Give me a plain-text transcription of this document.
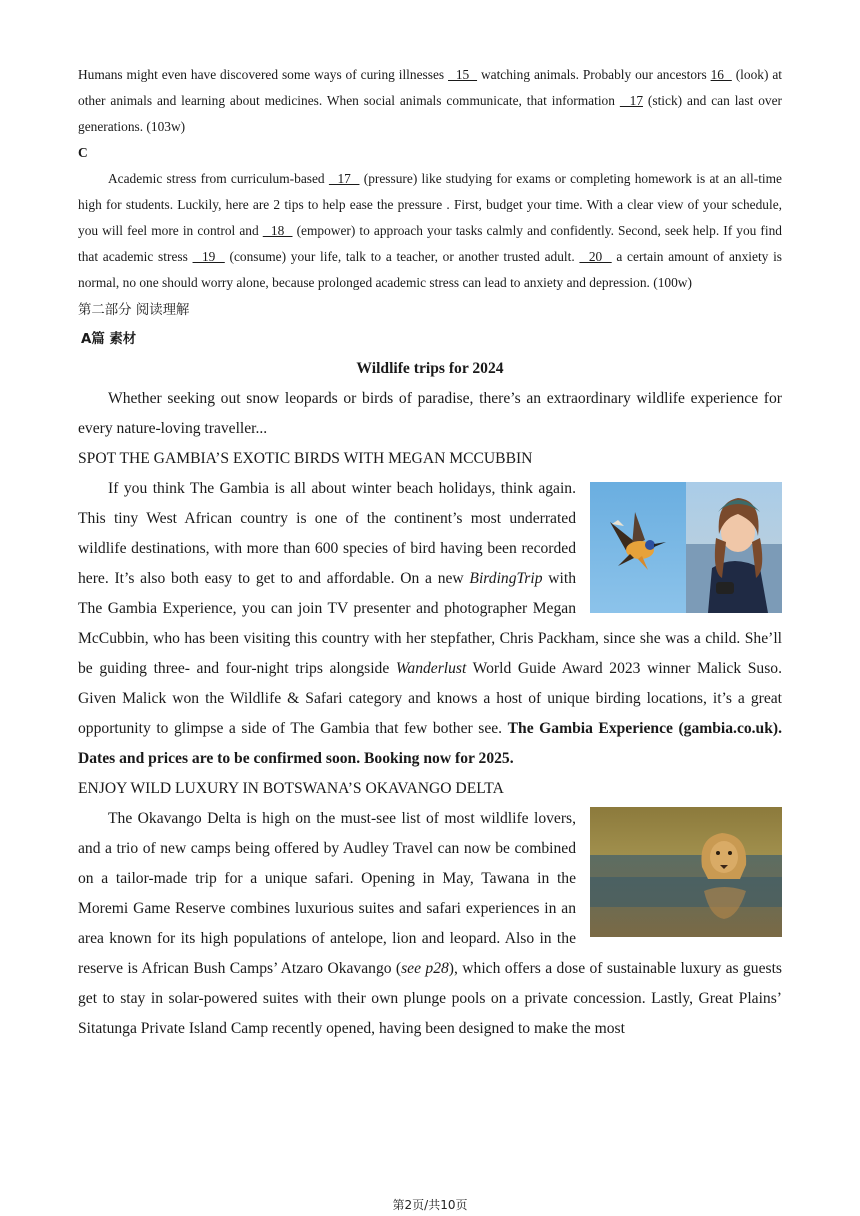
Humans might even have discovered some ways of curing illnesses   15   watching animals. Probably our ancestors 16   (look) at other animals and learning about medicines. When social animals communicate, that information   17 (stick) and can last over generations. (103w)

C

Academic stress from curriculum-based   17   (pressure) like studying for exams or completing homework is at an all-time high for students. Luckily, here are 2 tips to help ease the pressure . First, budget your time. With a clear view of your schedule, you will feel more in control and   18   (empower) to approach your tasks calmly and confidently. Second, seek help. If you find that academic stress   19   (consume) your life, talk to a teacher, or another trusted adult.   20   a certain amount of anxiety is normal, no one should worry alone, because prolonged academic stress can lead to anxiety and depression. (100w)

第二部分 阅读理解

A篇 素材

Wildlife trips for 2024

Whether seeking out snow leopards or birds of paradise, there’s an extraordinary wildlife experience for every nature-loving traveller...

SPOT THE GAMBIA’S EXOTIC BIRDS WITH MEGAN MCCUBBIN

If you think The Gambia is all about winter beach holidays, think again. This tiny West African country is one of the continent’s most underrated wildlife destinations, with more than 600 species of bird having been recorded here. It’s also both easy to get to and affordable. On a new BirdingTrip with The Gambia Experience, you can join TV presenter and photographer Megan McCubbin, who has been visiting this country with her stepfather, Chris Packham, since she was a child. She’ll be guiding three- and four-night trips alongside Wanderlust World Guide Award 2023 winner Malick Suso. Given Malick won the Wildlife & Safari category and knows a host of unique birding locations, it’s a great opportunity to glimpse a side of The Gambia that few bother see. The Gambia Experience (gambia.co.uk). Dates and prices are to be confirmed soon. Booking now for 2025.

ENJOY WILD LUXURY IN BOTSWANA’S OKAVANGO DELTA

The Okavango Delta is high on the must-see list of most wildlife lovers, and a trio of new camps being offered by Audley Travel can now be combined on a tailor-made trip for a unique safari. Opening in May, Tawana in the Moremi Game Reserve combines luxurious suites and safari experiences in an area known for its high populations of antelope, lion and leopard. Also in the reserve is African Bush Camps’ Atzaro Okavango (see p28), which offers a dose of sustainable luxury as guests get to stay in solar-powered suites with their own plunge pools on a private concession. Lastly, Great Plains’ Sitatunga Private Island Camp recently opened, having been designed to make the most

第2页/共10页
